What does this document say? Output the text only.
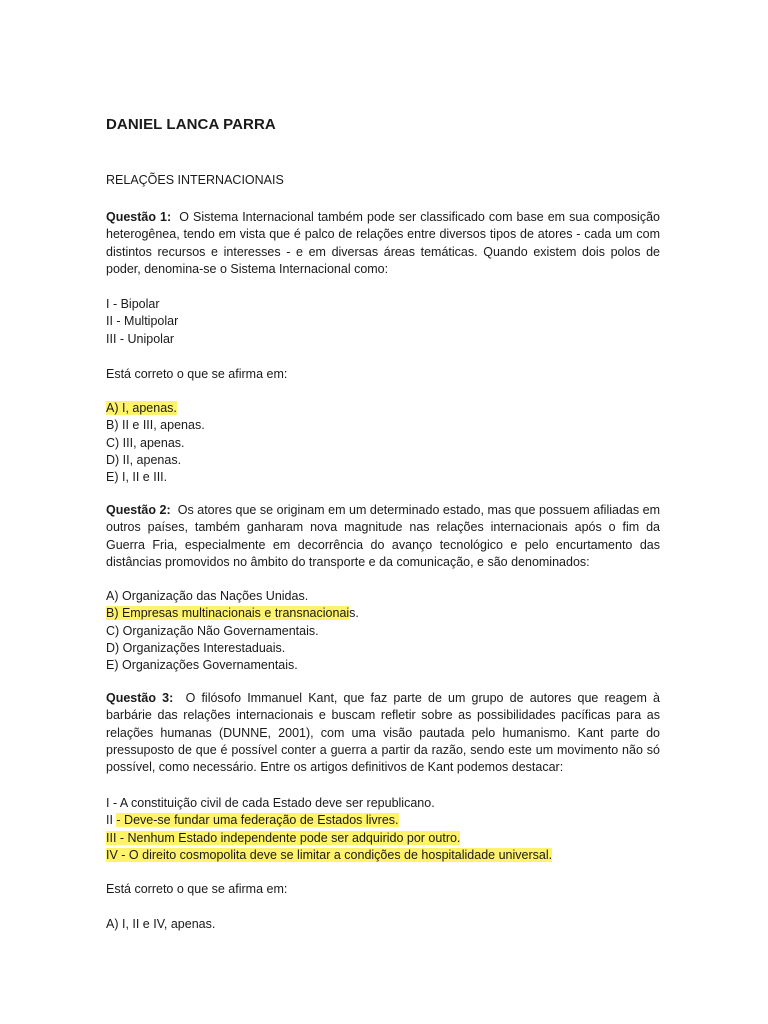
DANIEL LANCA PARRA
RELAÇÕES INTERNACIONAIS
Questão 1: O Sistema Internacional também pode ser classificado com base em sua composição heterogênea, tendo em vista que é palco de relações entre diversos tipos de atores - cada um com distintos recursos e interesses - e em diversas áreas temáticas. Quando existem dois polos de poder, denomina-se o Sistema Internacional como:
I - Bipolar
II - Multipolar
III - Unipolar
Está correto o que se afirma em:
A) I, apenas.
B) II e III, apenas.
C) III, apenas.
D) II, apenas.
E) I, II e III.
Questão 2: Os atores que se originam em um determinado estado, mas que possuem afiliadas em outros países, também ganharam nova magnitude nas relações internacionais após o fim da Guerra Fria, especialmente em decorrência do avanço tecnológico e pelo encurtamento das distâncias promovidos no âmbito do transporte e da comunicação, e são denominados:
A) Organização das Nações Unidas.
B) Empresas multinacionais e transnacionais.
C) Organização Não Governamentais.
D) Organizações Interestaduais.
E) Organizações Governamentais.
Questão 3: O filósofo Immanuel Kant, que faz parte de um grupo de autores que reagem à barbárie das relações internacionais e buscam refletir sobre as possibilidades pacíficas para as relações humanas (DUNNE, 2001), com uma visão pautada pelo humanismo. Kant parte do pressuposto de que é possível conter a guerra a partir da razão, sendo este um movimento não só possível, como necessário. Entre os artigos definitivos de Kant podemos destacar:
I - A constituição civil de cada Estado deve ser republicano.
II - Deve-se fundar uma federação de Estados livres.
III - Nenhum Estado independente pode ser adquirido por outro.
IV - O direito cosmopolita deve se limitar a condições de hospitalidade universal.
Está correto o que se afirma em:
A) I, II e IV, apenas.
